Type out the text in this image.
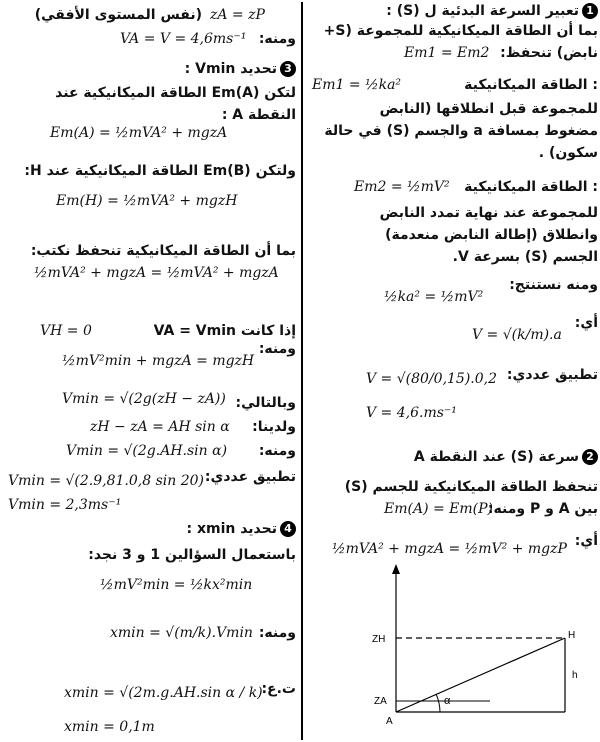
1تعبير السرعة البدئية ل (S) :
بما أن الطاقة الميكانيكية للمجموعة (S+
نابض) تنحفظ:
Em1 = Em2
: الطاقة الميكانيكية
Em1 = ½ka²
للمجموعة قبل انطلاقها (النابض
مضغوط بمسافة a والجسم (S) في حالة
سكون) .
: الطاقة الميكانيكية
Em2 = ½mV²
للمجموعة عند نهاية تمدد النابض
وانطلاق (إطالة النابض منعدمة)
الجسم (S) بسرعة V.
ومنه نستنتج:
½ka² = ½mV²
أي:
V = √(k/m).a
تطبيق عددي:
V = √(80/0,15).0,2
V = 4,6.ms⁻¹
2سرعة (S) عند النقطة A
تنحفظ الطاقة الميكانيكية للجسم (S)
بين A و P ومنه:
Em(A) = Em(P)
أي:
½mVA² + mgzA = ½mV² + mgzP
ZH
ZA
A
H
h
α
zA = zP
(نفس المستوى الأفقي)
ومنه:
VA = V = 4,6ms⁻¹
3تحديد Vmin :
لتكن Em(A) الطاقة الميكانيكية عند
النقطة A :
Em(A) = ½mVA² + mgzA
ولتكن Em(B) الطاقة الميكانيكية عند H:
Em(H) = ½mVA² + mgzH
بما أن الطاقة الميكانيكية تنحفظ نكتب:
½mVA² + mgzA = ½mVA² + mgzA
إذا كانت VA = Vmin
VH = 0
ومنه:
½mV²min + mgzA = mgzH
وبالتالي:
Vmin = √(2g(zH − zA))
ولدينا:
zH − zA = AH sin α
ومنه:
Vmin = √(2g.AH.sin α)
تطبيق عددي:
Vmin = √(2.9,81.0,8 sin 20)
Vmin = 2,3ms⁻¹
4تحديد xmin :
باستعمال السؤالين 1 و 3 نجد:
½mV²min = ½kx²min
ومنه:
xmin = √(m/k).Vmin
ت.ع:
xmin = √(2m.g.AH.sin α / k)
xmin = 0,1m
